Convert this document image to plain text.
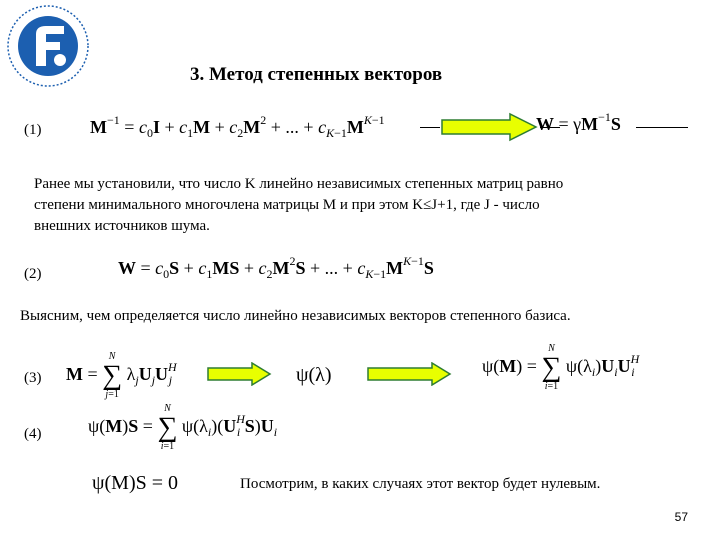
3. Метод степенных векторов
(1)	$M^{-1} = c_0I + c_1M + c_2M^2$ + ... + $c_{K-1}M^{K-1}$	$W = \gamma M^{-1}S$

Ранее мы установили, что число K линейно независимых степенных матриц равно

степени минимального многочлена матрицы M и при этом K≤J+1, где J - число

внешних источников шума.

(2)	$W = c_0S + c_1MS + c_2M^2S$ + ... + $c_{K-1}M^{K-1}S$
Выясним, чем определяется число линейно независимых векторов степенного базиса.
(3) M =
N
∑
j=1
$\lambda_jU_jU^H_j$	ψ(λ)	ψ(M) =
N
∑
i=1
$\psi(\lambda_i)U_iU^H_i$
(4)	ψ(M)S =
N
∑
i=1
$\psi(\lambda_i)(U^H_i$ $S)U_i$
ψ(M)S = 0	Посмотрим, в каких случаях этот вектор будет нулевым.
57
